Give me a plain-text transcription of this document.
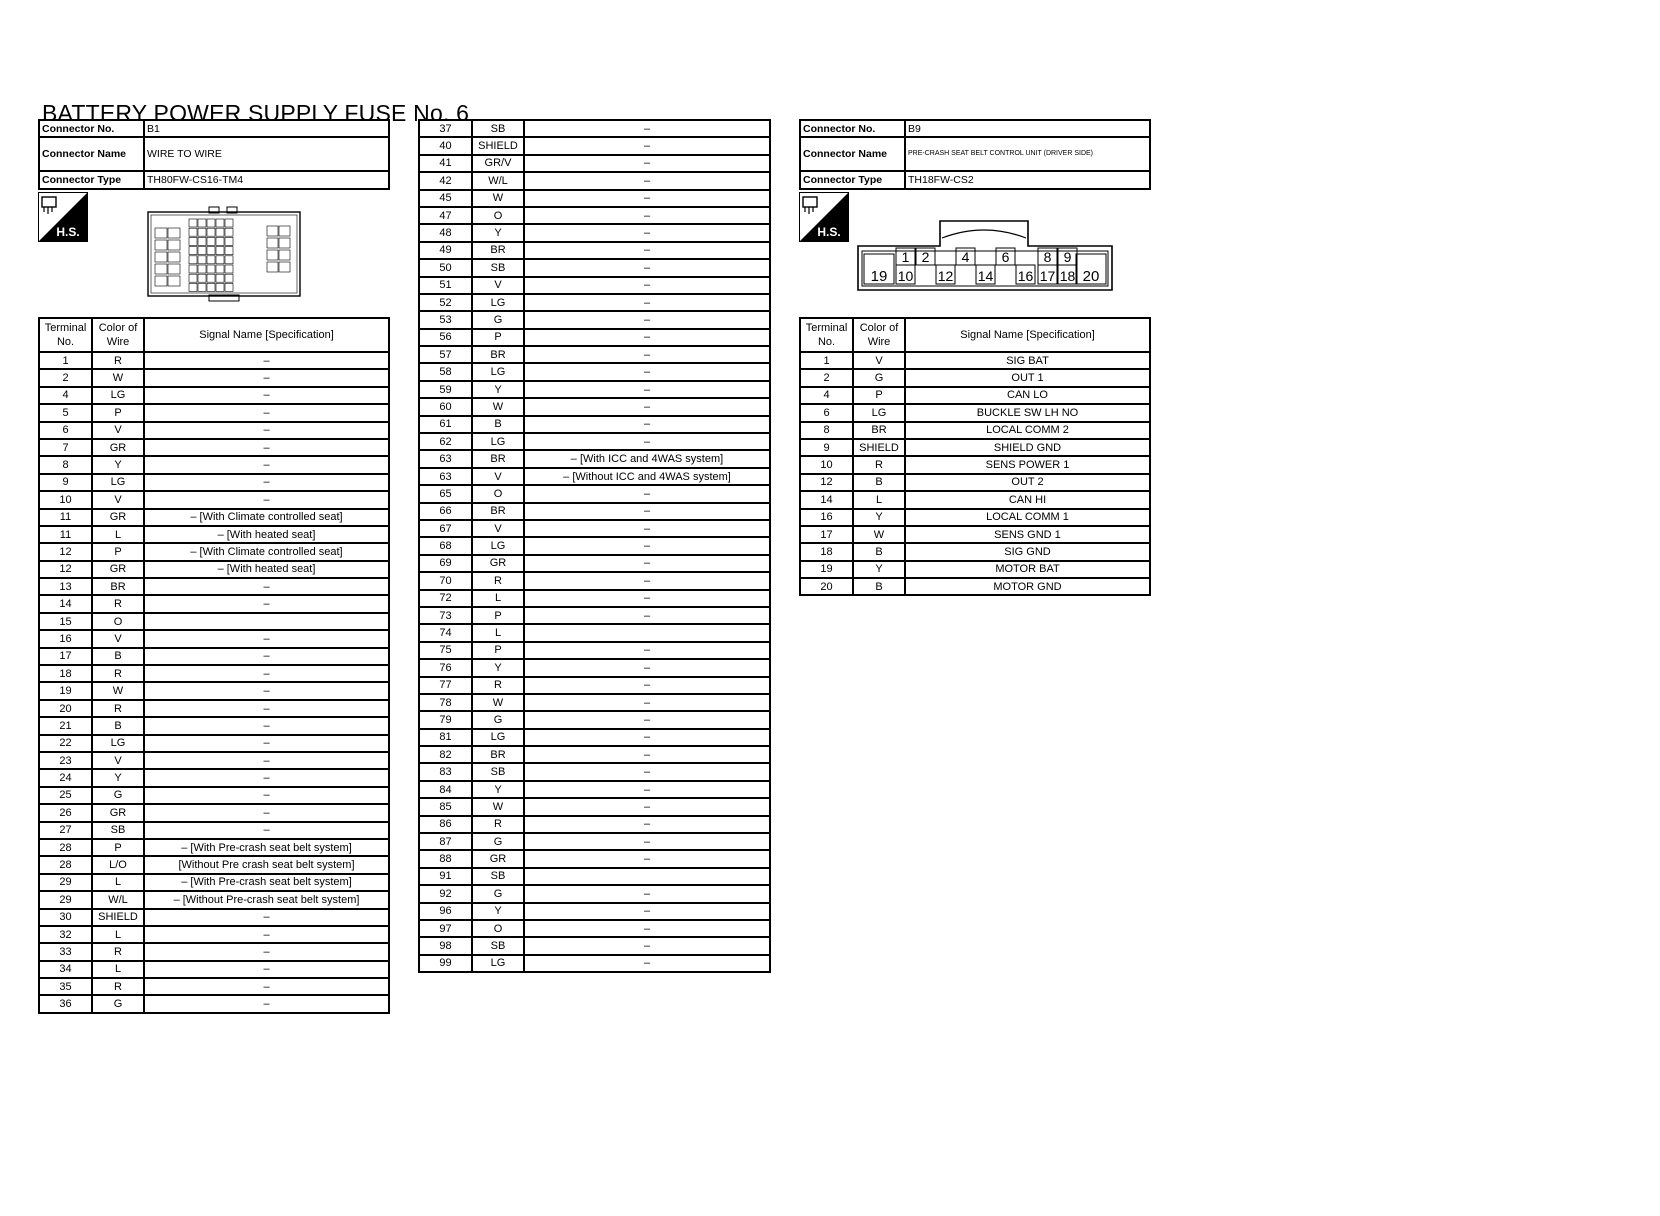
BATTERY POWER SUPPLY FUSE No. 6
Connector No.	B1
Connector Name	WIRE TO WIRE
Connector Type	TH80FW-CS16-TM4
H.S.
Terminal No.	Color of Wire	Signal Name [Specification]
1	R	–
2	W	–
4	LG	–
5	P	–
6	V	–
7	GR	–
8	Y	–
9	LG	–
10	V	–
11	GR	– [With Climate controlled seat]
11	L	– [With heated seat]
12	P	– [With Climate controlled seat]
12	GR	– [With heated seat]
13	BR	–
14	R	–
15	O	
16	V	–
17	B	–
18	R	–
19	W	–
20	R	–
21	B	–
22	LG	–
23	V	–
24	Y	–
25	G	–
26	GR	–
27	SB	–
28	P	– [With Pre-crash seat belt system]
28	L/O	[Without Pre crash seat belt system]
29	L	– [With Pre-crash seat belt system]
29	W/L	– [Without Pre-crash seat belt system]
30	SHIELD	–
32	L	–
33	R	–
34	L	–
35	R	–
36	G	–
37	SB	–
40	SHIELD	–
41	GR/V	–
42	W/L	–
45	W	–
47	O	–
48	Y	–
49	BR	–
50	SB	–
51	V	–
52	LG	–
53	G	–
56	P	–
57	BR	–
58	LG	–
59	Y	–
60	W	–
61	B	–
62	LG	–
63	BR	– [With ICC and 4WAS system]
63	V	– [Without ICC and 4WAS system]
65	O	–
66	BR	–
67	V	–
68	LG	–
69	GR	–
70	R	–
72	L	–
73	P	–
74	L	
75	P	–
76	Y	–
77	R	–
78	W	–
79	G	–
81	LG	–
82	BR	–
83	SB	–
84	Y	–
85	W	–
86	R	–
87	G	–
88	GR	–
91	SB	
92	G	–
96	Y	–
97	O	–
98	SB	–
99	LG	–
Connector No.	B9
Connector Name	PRE-CRASH SEAT BELT CONTROL UNIT (DRIVER SIDE)
Connector Type	TH18FW-CS2
H.S.
19	20
1 2 4 6 8 9
10 12 14 16 17 18
Terminal No.	Color of Wire	Signal Name [Specification]
1	V	SIG BAT
2	G	OUT 1
4	P	CAN LO
6	LG	BUCKLE SW LH NO
8	BR	LOCAL COMM 2
9	SHIELD	SHIELD GND
10	R	SENS POWER 1
12	B	OUT 2
14	L	CAN HI
16	Y	LOCAL COMM 1
17	W	SENS GND 1
18	B	SIG GND
19	Y	MOTOR BAT
20	B	MOTOR GND
